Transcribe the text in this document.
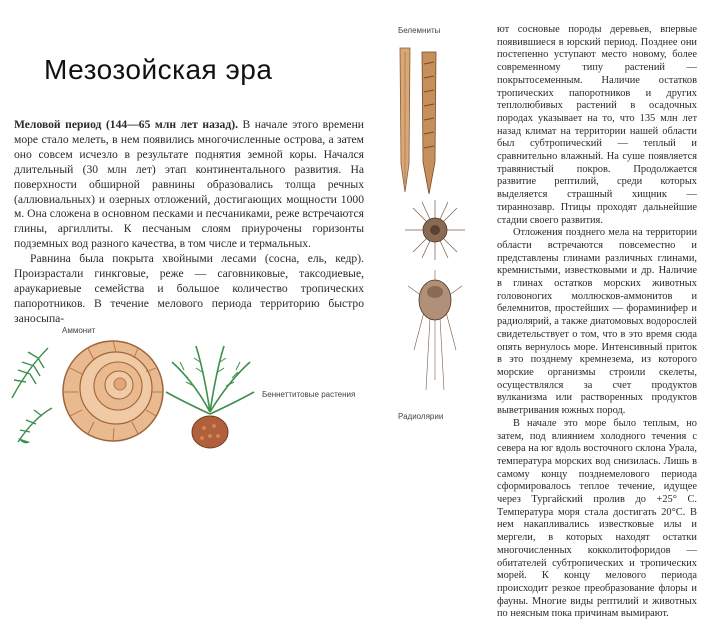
Мезозойская эра
Меловой период (144—65 млн лет назад). В начале этого времени море стало мелеть, в нем появились многочисленные острова, а затем оно совсем исчезло в результате поднятия земной коры. Начался длительный (30 млн лет) этап континентального развития. На поверхности обширной равнины образовались толща речных (аллювиальных) и озерных отложений, достигающих мощности 1000 м. Она сложена в основном песками и песчаниками, реже встречаются глины, аргиллиты. К песчаным слоям приурочены горизонты подземных вод разного качества, в том числе и термальных.

Равнина была покрыта хвойными лесами (сосна, ель, кедр). Произрастали гинкговые, реже — саговниковые, таксодиевые, араукариевые семейства и большое количество тропических папоротников. В течение мелового периода территорию быстро заносыпа-
Белемниты
Радиолярии

ют сосновые породы деревьев, впервые появившиеся в юрский период. Позднее они постепенно уступают место новому, более современному типу растений — покрытосеменным. Наличие остатков тропических папоротников и других теплолюбивых растений в осадочных породах указывает на то, что 135 млн лет назад климат на территории нашей области был субтропический — теплый и сравнительно влажный. На суше появляется травянистый покров. Продолжается развитие рептилий, среди которых выделяется страшный хищник — тираннозавр. Птицы проходят дальнейшие стадии своего развития.

Отложения позднего мела на территории области встречаются повсеместно и представлены глинами различных глинами, кремнистыми, известковыми и др. Наличие в глинах остатков морских животных головоногих моллюсков-аммонитов и белемнитов, простейших — фораминифер и радиолярий, а также диатомовых водорослей свидетельствует о том, что в это время сюда опять вернулось море. Интенсивный приток в это позднему кремнезема, из которого морские организмы строили скелеты, осуществлялся за счет продуктов вулканизма или растворенных продуктов выветривания южных пород.

В начале это море было теплым, но затем, под влиянием холодного течения с севера на юг вдоль восточного склона Урала, температура морских вод снизилась. Лишь в самому концу позднемелового периода сформировалось теплое течение, идущее через Тургайский пролив до +25° С. Температура моря стала достигать 20°С. В нем накапливались известковые илы и мергели, в которых находят остатки многочисленных кокколитофоридов — обитателей субтропических и тропических морей. К концу мелового периода происходит резкое преобразование флоры и фауны. Многие виды рептилий и животных по неясным пока причинам вымирают.

Аммонит
Беннеттитовые растения
